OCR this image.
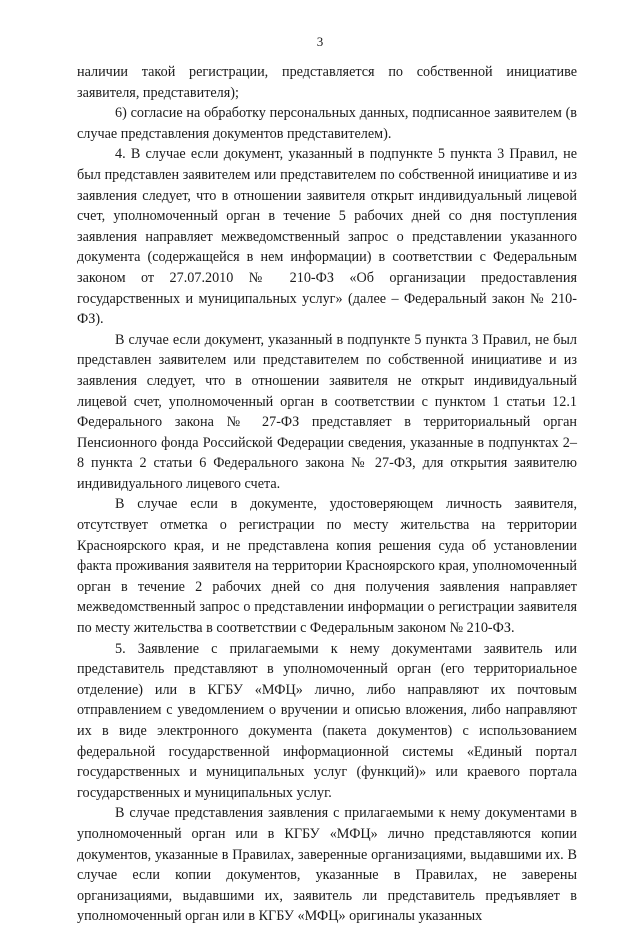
3

наличии такой регистрации, представляется по собственной инициативе заявителя, представителя);

6) согласие на обработку персональных данных, подписанное заявителем (в случае представления документов представителем).

4. В случае если документ, указанный в подпункте 5 пункта 3 Правил, не был представлен заявителем или представителем по собственной инициативе и из заявления следует, что в отношении заявителя открыт индивидуальный лицевой счет, уполномоченный орган в течение 5 рабочих дней со дня поступления заявления направляет межведомственный запрос о представлении указанного документа (содержащейся в нем информации) в соответствии с Федеральным законом от 27.07.2010 № 210-ФЗ «Об организации предоставления государственных и муниципальных услуг» (далее – Федеральный закон № 210-ФЗ).

В случае если документ, указанный в подпункте 5 пункта 3 Правил, не был представлен заявителем или представителем по собственной инициативе и из заявления следует, что в отношении заявителя не открыт индивидуальный лицевой счет, уполномоченный орган в соответствии с пунктом 1 статьи 12.1 Федерального закона № 27-ФЗ представляет в территориальный орган Пенсионного фонда Российской Федерации сведения, указанные в подпунктах 2–8 пункта 2 статьи 6 Федерального закона № 27-ФЗ, для открытия заявителю индивидуального лицевого счета.

В случае если в документе, удостоверяющем личность заявителя, отсутствует отметка о регистрации по месту жительства на территории Красноярского края, и не представлена копия решения суда об установлении факта проживания заявителя на территории Красноярского края, уполномоченный орган в течение 2 рабочих дней со дня получения заявления направляет межведомственный запрос о представлении информации о регистрации заявителя по месту жительства в соответствии с Федеральным законом № 210-ФЗ.

5. Заявление с прилагаемыми к нему документами заявитель или представитель представляют в уполномоченный орган (его территориальное отделение) или в КГБУ «МФЦ» лично, либо направляют их почтовым отправлением с уведомлением о вручении и описью вложения, либо направляют их в виде электронного документа (пакета документов) с использованием федеральной государственной информационной системы «Единый портал государственных и муниципальных услуг (функций)» или краевого портала государственных и муниципальных услуг.

В случае представления заявления с прилагаемыми к нему документами в уполномоченный орган или в КГБУ «МФЦ» лично представляются копии документов, указанные в Правилах, заверенные организациями, выдавшими их. В случае если копии документов, указанные в Правилах, не заверены организациями, выдавшими их, заявитель ли представитель предъявляет в уполномоченный орган или в КГБУ «МФЦ» оригиналы указанных
